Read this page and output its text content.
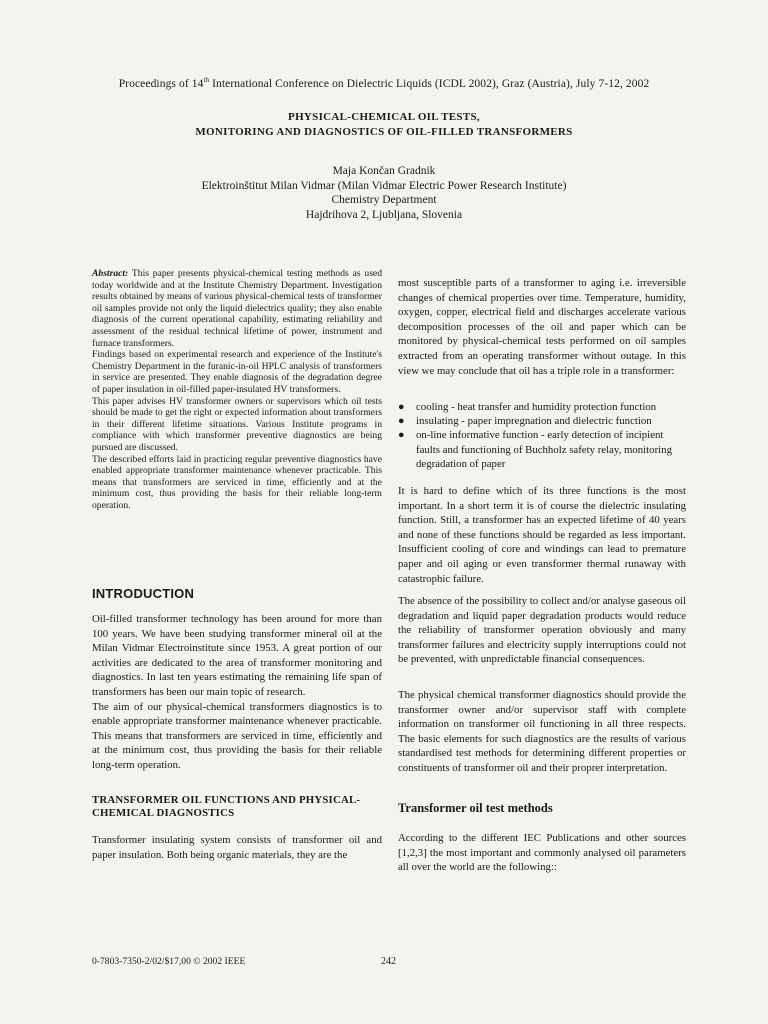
Proceedings of 14th International Conference on Dielectric Liquids (ICDL 2002), Graz (Austria), July 7-12, 2002
PHYSICAL-CHEMICAL OIL TESTS,
MONITORING AND DIAGNOSTICS OF OIL-FILLED TRANSFORMERS
Maja Končan Gradnik
Elektroinštitut Milan Vidmar (Milan Vidmar Electric Power Research Institute)
Chemistry Department
Hajdrihova 2, Ljubljana, Slovenia

Abstract: This paper presents physical-chemical testing methods as used today worldwide and at the Institute Chemistry Department. Investigation results obtained by means of various physical-chemical tests of transformer oil samples provide not only the liquid dielectrics quality; they also enable diagnosis of the current operational capability, estimating reliability and assessment of the residual technical lifetime of power, instrument and furnace transformers.

Findings based on experimental research and experience of the Institute's Chemistry Department in the furanic-in-oil HPLC analysis of transformers in service are presented. They enable diagnosis of the degradation degree of paper insulation in oil-filled paper-insulated HV transformers.

This paper advises HV transformer owners or supervisors which oil tests should be made to get the right or expected information about transformers in their different lifetime situations. Various Institute programs in compliance with which transformer preventive diagnostics are being pursued are discussed.

The described efforts laid in practicing regular preventive diagnostics have enabled appropriate transformer maintenance whenever practicable. This means that transformers are serviced in time, efficiently and at the minimum cost, thus providing the basis for their reliable long-term operation.

INTRODUCTION

Oil-filled transformer technology has been around for more than 100 years. We have been studying transformer mineral oil at the Milan Vidmar Electroinstitute since 1953. A great portion of our activities are dedicated to the area of transformer monitoring and diagnostics. In last ten years estimating the remaining life span of transformers has been our main topic of research.

The aim of our physical-chemical transformers diagnostics is to enable appropriate transformer maintenance whenever practicable. This means that transformers are serviced in time, efficiently and at the minimum cost, thus providing the basis for their reliable long-term operation.

TRANSFORMER OIL FUNCTIONS AND PHYSICAL-
CHEMICAL DIAGNOSTICS

Transformer insulating system consists of transformer oil and paper insulation. Both being organic materials, they are the

most susceptible parts of a transformer to aging i.e. irreversible changes of chemical properties over time. Temperature, humidity, oxygen, copper, electrical field and discharges accelerate various decomposition processes of the oil and paper which can be monitored by physical-chemical tests performed on oil samples extracted from an operating transformer without outage. In this view we may conclude that oil has a triple role in a transformer:

● cooling - heat transfer and humidity protection function
● insulating - paper impregnation and dielectric function
● on-line informative function - early detection of incipient faults and functioning of Buchholz safety relay, monitoring degradation of paper

It is hard to define which of its three functions is the most important. In a short term it is of course the dielectric insulating function. Still, a transformer has an expected lifetime of 40 years and none of these functions should be regarded as less important. Insufficient cooling of core and windings can lead to premature paper and oil aging or even transformer thermal runaway with catastrophic failure.

The absence of the possibility to collect and/or analyse gaseous oil degradation and liquid paper degradation products would reduce the reliability of transformer operation obviously and many transformer failures and electricity supply interruptions could not be prevented, with unpredictable financial consequences.

The physical chemical transformer diagnostics should provide the transformer owner and/or supervisor staff with complete information on transformer oil functioning in all three respects. The basic elements for such diagnostics are the results of various standardised test methods for determining different properties or constituents of transformer oil and their proprer interpretation.

Transformer oil test methods

According to the different IEC Publications and other sources [1,2,3] the most important and commonly analysed oil parameters all over the world are the following::

0-7803-7350-2/02/$17,00 © 2002 IEEE	242
